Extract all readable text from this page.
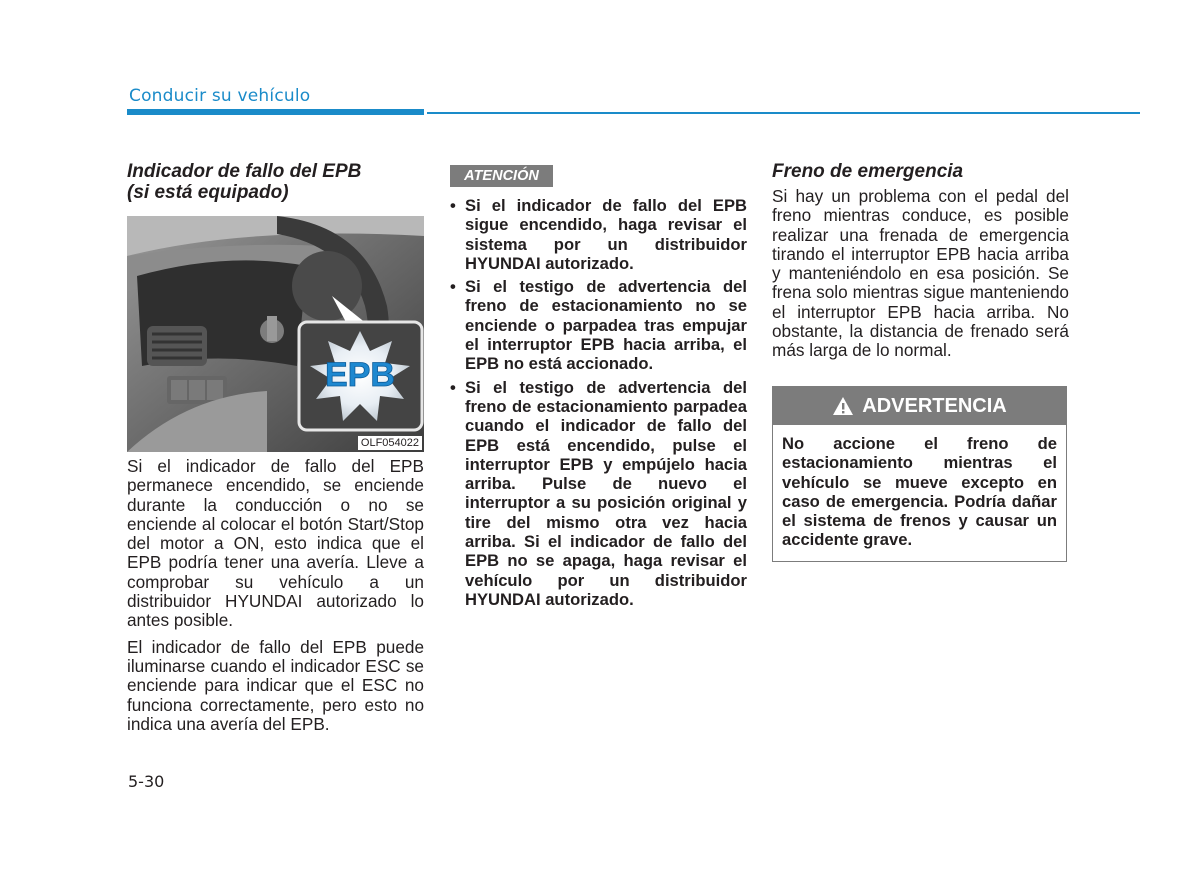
Conducir su vehículo
Indicador de fallo del EPB
(si está equipado)
EPB
OLF054022

Si el indicador de fallo del EPB permanece encendido, se enciende durante la conducción o no se enciende al colocar el botón Start/Stop del motor a ON, esto indica que el EPB podría tener una avería. Lleve a comprobar su vehículo a un distribuidor HYUNDAI autorizado lo antes posible.

El indicador de fallo del EPB puede iluminarse cuando el indicador ESC se enciende para indicar que el ESC no funciona correctamente, pero esto no indica una avería del EPB.

ATENCIÓN
• Si el indicador de fallo del EPB sigue encendido, haga revisar el sistema por un distribuidor HYUNDAI autorizado.
• Si el testigo de advertencia del freno de estacionamiento no se enciende o parpadea tras empujar el interruptor EPB hacia arriba, el EPB no está accionado.
• Si el testigo de advertencia del freno de estacionamiento parpadea cuando el indicador de fallo del EPB está encendido, pulse el interruptor EPB y empújelo hacia arriba. Pulse de nuevo el interruptor a su posición original y tire del mismo otra vez hacia arriba. Si el indicador de fallo del EPB no se apaga, haga revisar el vehículo por un distribuidor HYUNDAI autorizado.
Freno de emergencia
Si hay un problema con el pedal del freno mientras conduce, es posible realizar una frenada de emergencia tirando el interruptor EPB hacia arriba y manteniéndolo en esa posición. Se frena solo mientras sigue manteniendo el interruptor EPB hacia arriba. No obstante, la distancia de frenado será más larga de lo normal.
ADVERTENCIA
No accione el freno de estacionamiento mientras el vehículo se mueve excepto en caso de emergencia. Podría dañar el sistema de frenos y causar un accidente grave.
5-30
